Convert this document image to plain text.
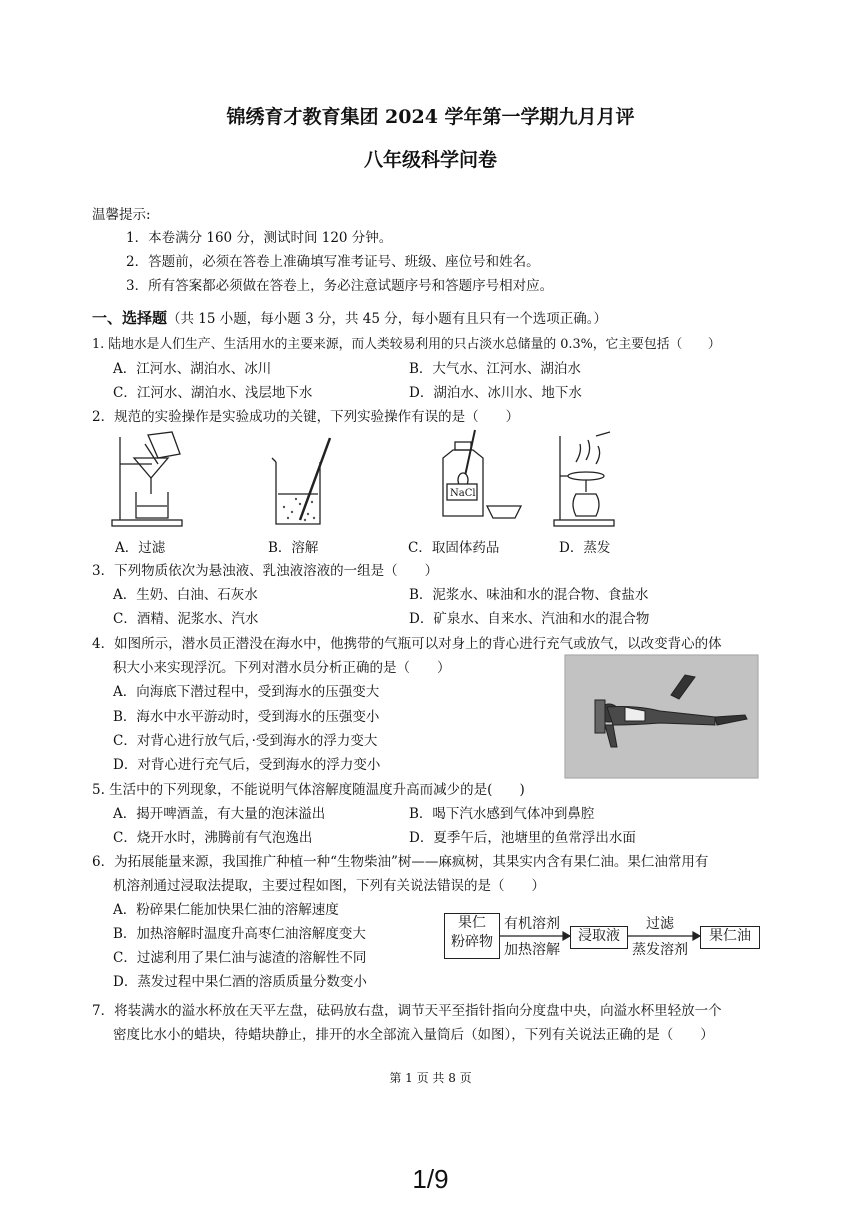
锦绣育才教育集团 2024 学年第一学期九月月评
八年级科学问卷
温馨提示:
1．本卷满分 160 分，测试时间 120 分钟。
2．答题前，必须在答卷上准确填写准考证号、班级、座位号和姓名。
3．所有答案都必须做在答卷上，务必注意试题序号和答题序号相对应。
一、选择题（共 15 小题，每小题 3 分，共 45 分，每小题有且只有一个选项正确。）
1. 陆地水是人们生产、生活用水的主要来源，而人类较易利用的只占淡水总储量的 0.3%，它主要包括（　　）
A．江河水、湖泊水、冰川	B．大气水、江河水、湖泊水
C．江河水、湖泊水、浅层地下水	D．湖泊水、冰川水、地下水
2．规范的实验操作是实验成功的关键，下列实验操作有误的是（　　）
NaCl
A．过滤	B．溶解	C．取固体药品	D．蒸发
3．下列物质依次为悬浊液、乳浊液溶液的一组是（　　）
A．生奶、白油、石灰水	B．泥浆水、味油和水的混合物、食盐水
C．酒精、泥浆水、汽水	D．矿泉水、自来水、汽油和水的混合物
4．如图所示，潜水员正潜没在海水中，他携带的气瓶可以对身上的背心进行充气或放气，以改变背心的体
积大小来实现浮沉。下列对潜水员分析正确的是（　　）
A．向海底下潜过程中，受到海水的压强变大
B．海水中水平游动时，受到海水的压强变小
C．对背心进行放气后，·受到海水的浮力变大
D．对背心进行充气后，受到海水的浮力变小
5. 生活中的下列现象，不能说明气体溶解度随温度升高而减少的是(　　)
A．揭开啤酒盖，有大量的泡沫溢出	B．喝下汽水感到气体冲到鼻腔
C．烧开水时，沸腾前有气泡逸出	D．夏季午后，池塘里的鱼常浮出水面
6．为拓展能量来源，我国推广种植一种“生物柴油”树——麻疯树，其果实内含有果仁油。果仁油常用有
机溶剂通过浸取法提取，主要过程如图，下列有关说法错误的是（　　）
A．粉碎果仁能加快果仁油的溶解速度
B．加热溶解时温度升高枣仁油溶解度变大
C．过滤利用了果仁油与滤渣的溶解性不同
D．蒸发过程中果仁酒的溶质质量分数变小
果仁
粉碎物
有机溶剂
加热溶解
浸取液
过滤
蒸发溶剂
果仁油
7．将装满水的溢水杯放在天平左盘，砝码放右盘，调节天平至指针指向分度盘中央，向溢水杯里轻放一个
密度比水小的蜡块，待蜡块静止，排开的水全部流入量筒后（如图），下列有关说法正确的是（　　）
第 1 页 共 8 页
1/9
